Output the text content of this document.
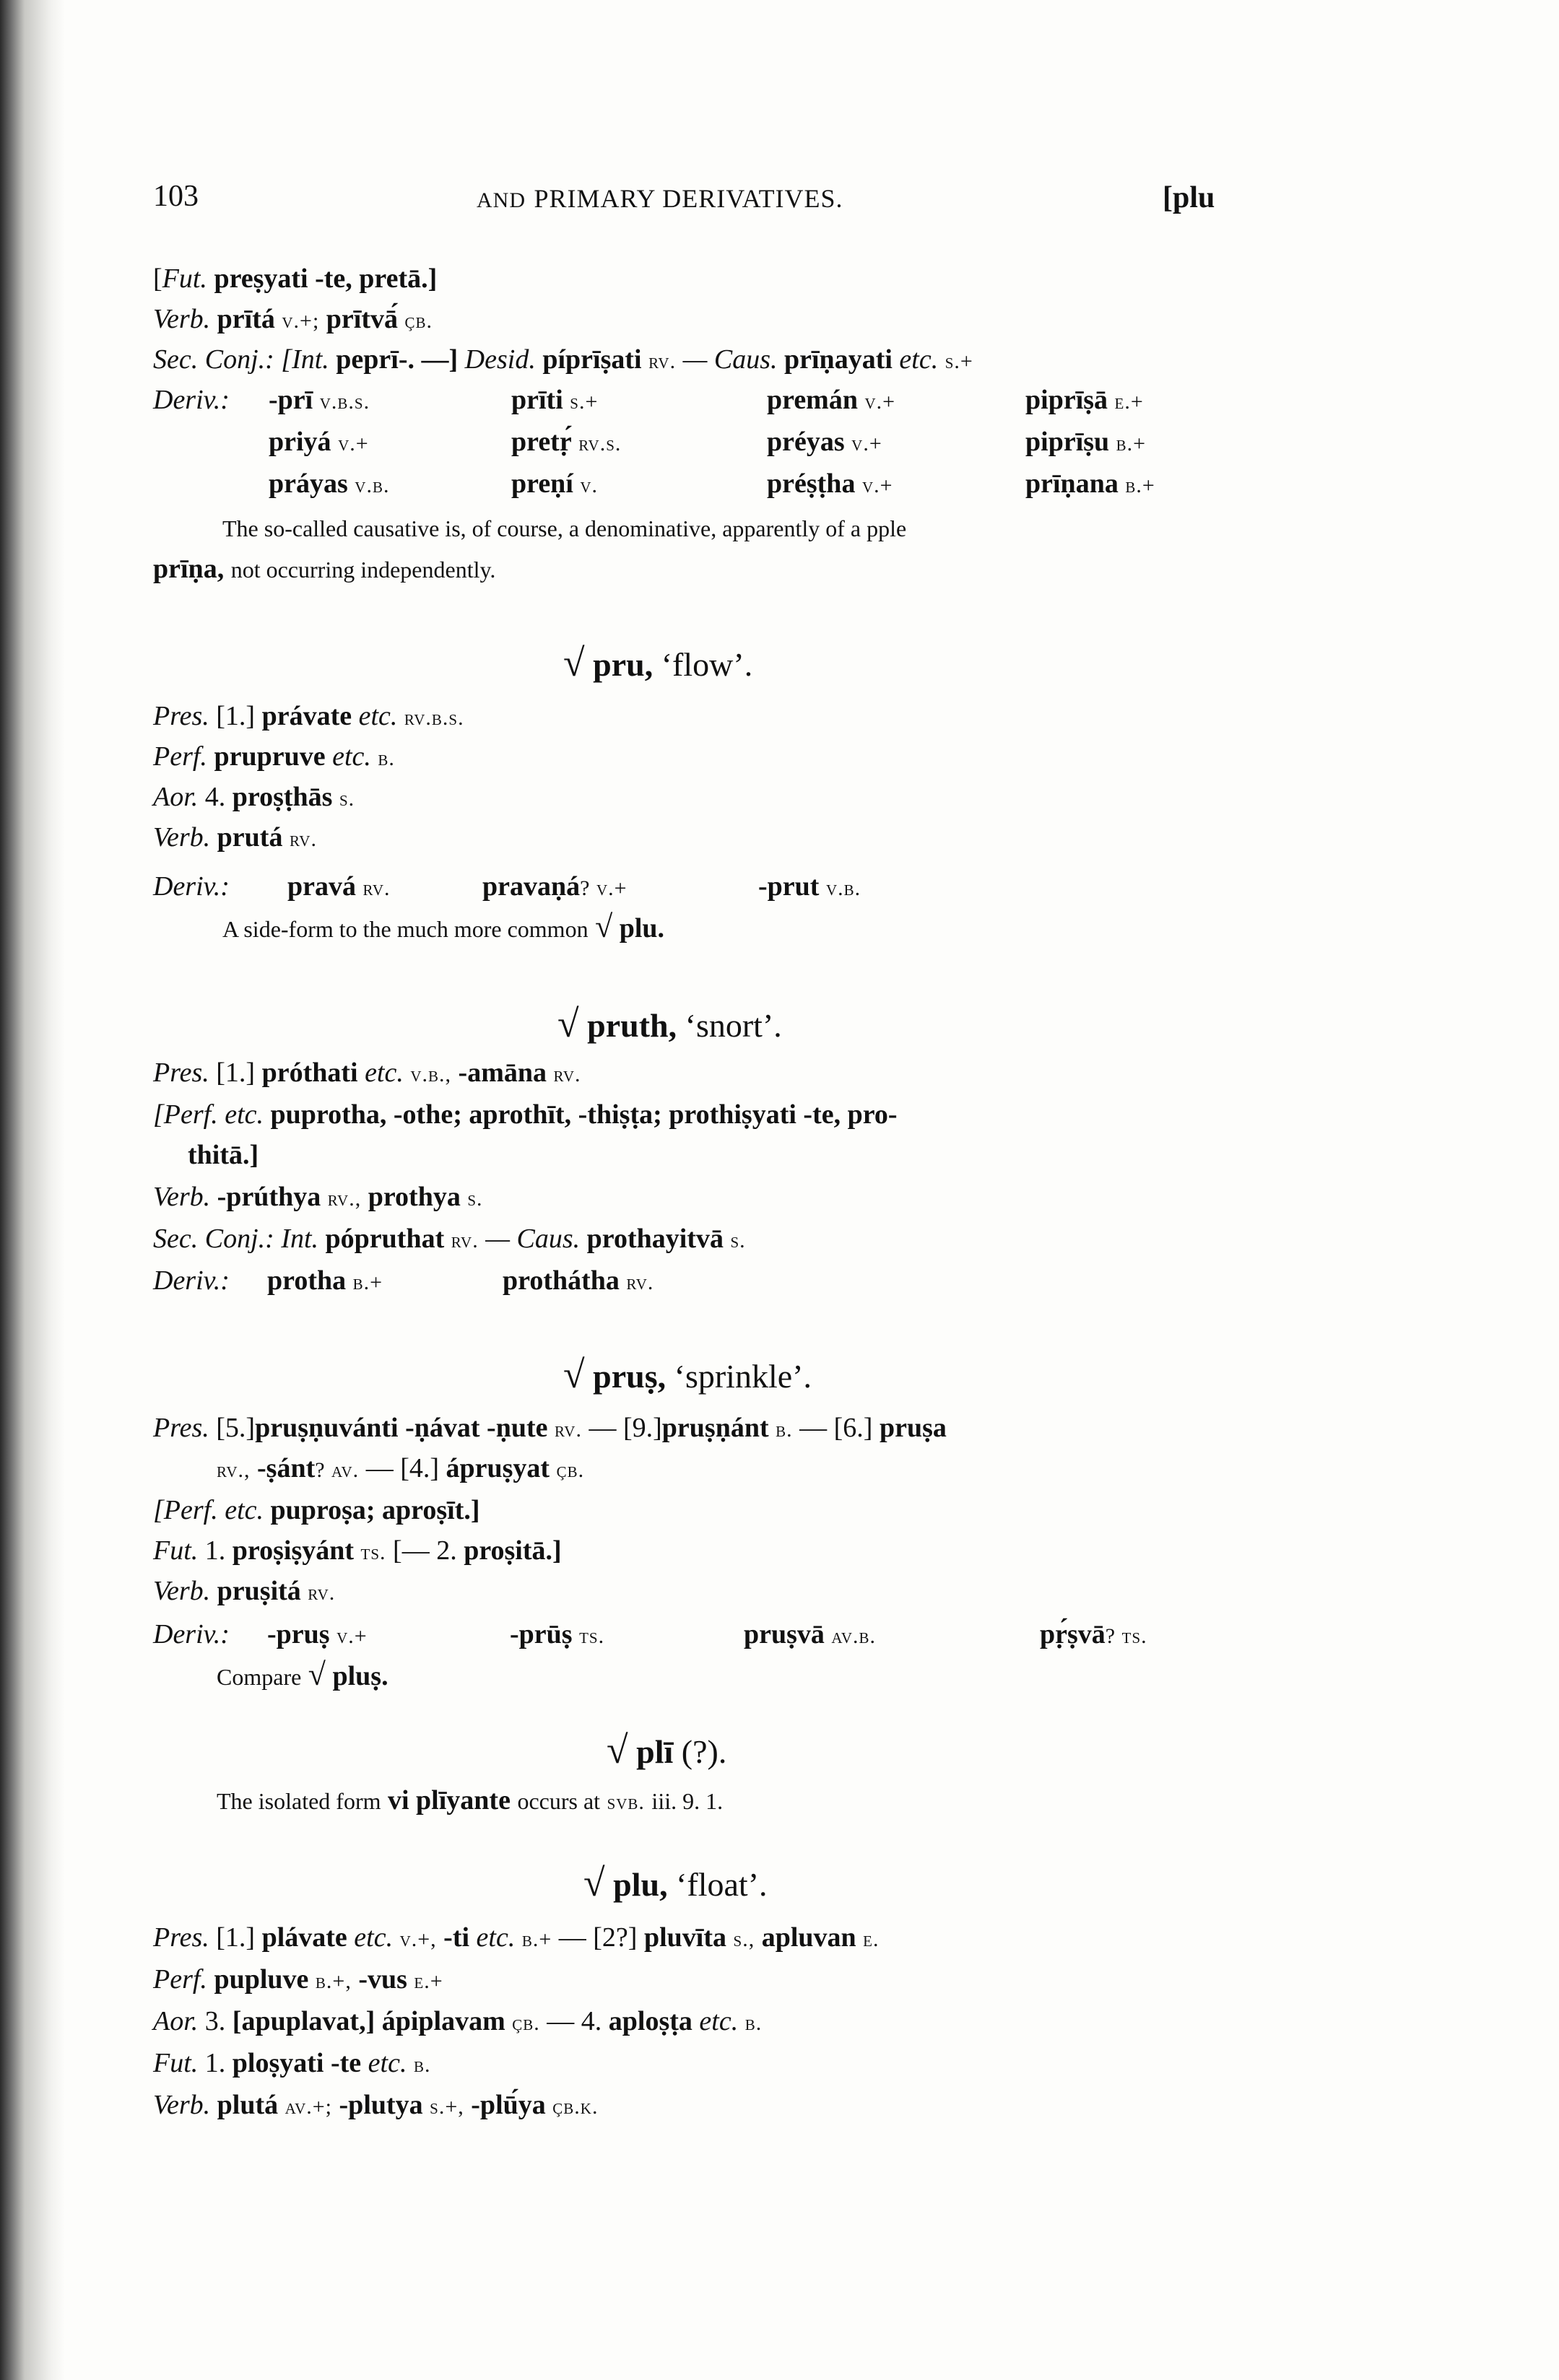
103	AND PRIMARY DERIVATIVES.	[plu
[Fut. preṣyati -te, pretā.]
Verb. prītá v.+; prītvā́ çb.
Sec. Conj.: [Int. peprī-. —] Desid. píprīṣati rv. — Caus. prīṇayati etc. s.+
Deriv.: -prī v.b.s.	prīti s.+	premán v.+	piprīṣā e.+
priyá v.+	pretṛ́ rv.s.	préyas v.+	piprīṣu b.+
práyas v.b.	preṇí v.	préṣṭha v.+	prīṇana b.+
The so-called causative is, of course, a denominative, apparently of a pple
prīṇa, not occurring independently.
√ pru, ‘flow’.
Pres. [1.] právate etc. rv.b.s.
Perf. prupruve etc. b.
Aor. 4. proṣṭhās s.
Verb. prutá rv.
Deriv.: pravá rv.	pravaṇá? v.+	-prut v.b.
A side-form to the much more common √ plu.
√ pruth, ‘snort’.
Pres. [1.] próthati etc. v.b., -amāna rv.
[Perf. etc. puprotha, -othe; aprothīt, -thiṣṭa; prothiṣyati -te, pro-
thitā.]
Verb. -prúthya rv., prothya s.
Sec. Conj.: Int. pópruthat rv. — Caus. prothayitvā s.
Deriv.: protha b.+	prothátha rv.
√ pruṣ, ‘sprinkle’.
Pres. [5.]pruṣṇuvánti -ṇávat -ṇute rv. — [9.]pruṣṇánt b. — [6.] pruṣa
rv., -ṣánt? av. — [4.] ápruṣyat çb.
[Perf. etc. puproṣa; aproṣīt.]
Fut. 1. proṣiṣyánt ts. [— 2. proṣitā.]
Verb. pruṣitá rv.
Deriv.: -pruṣ v.+	-prūṣ ts.	pruṣvā av.b.	pṛ́ṣvā? ts.
Compare √ pluṣ.
√ plī (?).
The isolated form vi plīyante occurs at svb. iii. 9. 1.
√ plu, ‘float’.
Pres. [1.] plávate etc. v.+, -ti etc. b.+ — [2?] pluvīta s., apluvan e.
Perf. pupluve b.+, -vus e.+
Aor. 3. [apuplavat,] ápiplavam çb. — 4. aploṣṭa etc. b.
Fut. 1. ploṣyati -te etc. b.
Verb. plutá av.+; -plutya s.+, -plū́ya çb.k.
